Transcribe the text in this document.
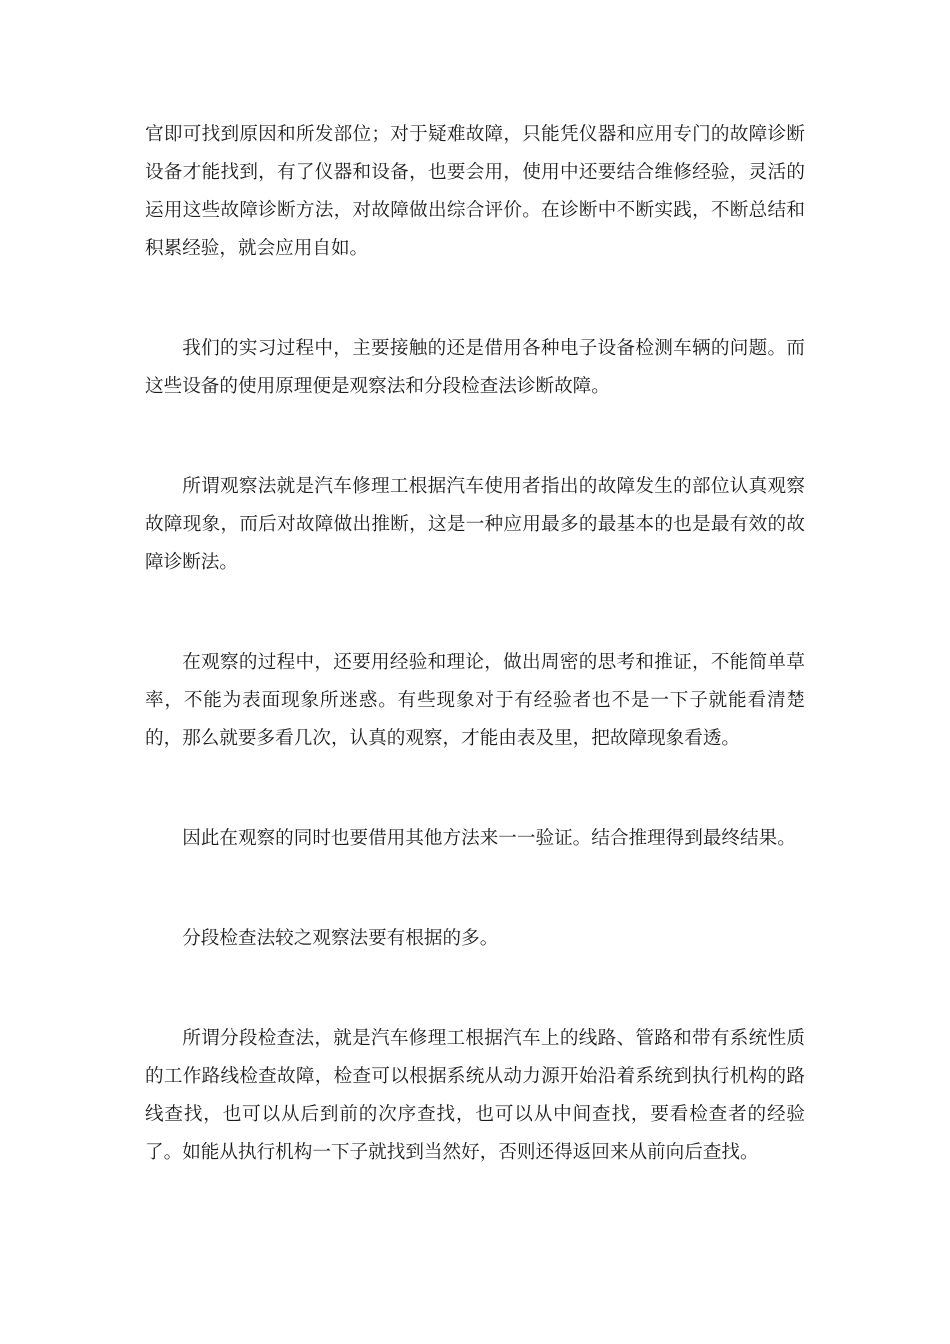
官即可找到原因和所发部位；对于疑难故障，只能凭仪器和应用专门的故障诊断设备才能找到，有了仪器和设备，也要会用，使用中还要结合维修经验，灵活的运用这些故障诊断方法，对故障做出综合评价。在诊断中不断实践，不断总结和积累经验，就会应用自如。

我们的实习过程中，主要接触的还是借用各种电子设备检测车辆的问题。而这些设备的使用原理便是观察法和分段检查法诊断故障。

所谓观察法就是汽车修理工根据汽车使用者指出的故障发生的部位认真观察故障现象，而后对故障做出推断，这是一种应用最多的最基本的也是最有效的故障诊断法。

在观察的过程中，还要用经验和理论，做出周密的思考和推证，不能简单草率，不能为表面现象所迷惑。有些现象对于有经验者也不是一下子就能看清楚的，那么就要多看几次，认真的观察，才能由表及里，把故障现象看透。

因此在观察的同时也要借用其他方法来一一验证。结合推理得到最终结果。

分段检查法较之观察法要有根据的多。

所谓分段检查法，就是汽车修理工根据汽车上的线路、管路和带有系统性质的工作路线检查故障，检查可以根据系统从动力源开始沿着系统到执行机构的路线查找，也可以从后到前的次序查找，也可以从中间查找，要看检查者的经验了。如能从执行机构一下子就找到当然好，否则还得返回来从前向后查找。
